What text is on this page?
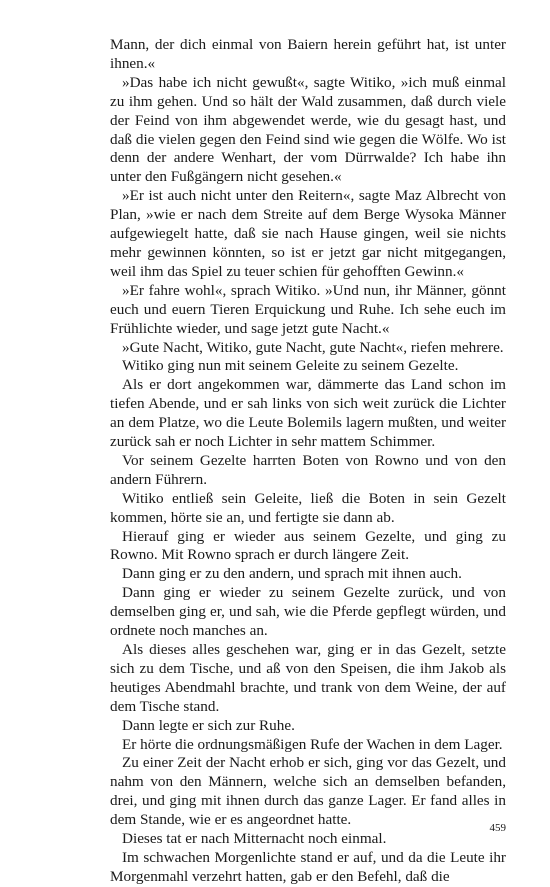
Mann, der dich einmal von Baiern herein geführt hat, ist unter ihnen.«

»Das habe ich nicht gewußt«, sagte Witiko, »ich muß einmal zu ihm gehen. Und so hält der Wald zusammen, daß durch viele der Feind von ihm abgewendet werde, wie du gesagt hast, und daß die vielen gegen den Feind sind wie gegen die Wölfe. Wo ist denn der andere Wenhart, der vom Dürrwalde? Ich habe ihn unter den Fußgängern nicht gesehen.«

»Er ist auch nicht unter den Reitern«, sagte Maz Albrecht von Plan, »wie er nach dem Streite auf dem Berge Wysoka Männer aufgewiegelt hatte, daß sie nach Hause gingen, weil sie nichts mehr gewinnen könnten, so ist er jetzt gar nicht mitgegangen, weil ihm das Spiel zu teuer schien für gehofften Gewinn.«

»Er fahre wohl«, sprach Witiko. »Und nun, ihr Männer, gönnt euch und euern Tieren Erquickung und Ruhe. Ich sehe euch im Frühlichte wieder, und sage jetzt gute Nacht.«

»Gute Nacht, Witiko, gute Nacht, gute Nacht«, riefen mehrere.

Witiko ging nun mit seinem Geleite zu seinem Gezelte.

Als er dort angekommen war, dämmerte das Land schon im tiefen Abende, und er sah links von sich weit zurück die Lichter an dem Platze, wo die Leute Bolemils lagern mußten, und weiter zurück sah er noch Lichter in sehr mattem Schimmer.

Vor seinem Gezelte harrten Boten von Rowno und von den andern Führern.

Witiko entließ sein Geleite, ließ die Boten in sein Gezelt kommen, hörte sie an, und fertigte sie dann ab.

Hierauf ging er wieder aus seinem Gezelte, und ging zu Rowno. Mit Rowno sprach er durch längere Zeit.

Dann ging er zu den andern, und sprach mit ihnen auch.

Dann ging er wieder zu seinem Gezelte zurück, und von demselben ging er, und sah, wie die Pferde gepflegt würden, und ordnete noch manches an.

Als dieses alles geschehen war, ging er in das Gezelt, setzte sich zu dem Tische, und aß von den Speisen, die ihm Jakob als heutiges Abendmahl brachte, und trank von dem Weine, der auf dem Tische stand.

Dann legte er sich zur Ruhe.

Er hörte die ordnungsmäßigen Rufe der Wachen in dem Lager.

Zu einer Zeit der Nacht erhob er sich, ging vor das Gezelt, und nahm von den Männern, welche sich an demselben befanden, drei, und ging mit ihnen durch das ganze Lager. Er fand alles in dem Stande, wie er es angeordnet hatte.

Dieses tat er nach Mitternacht noch einmal.

Im schwachen Morgenlichte stand er auf, und da die Leute ihr Morgenmahl verzehrt hatten, gab er den Befehl, daß die

459
